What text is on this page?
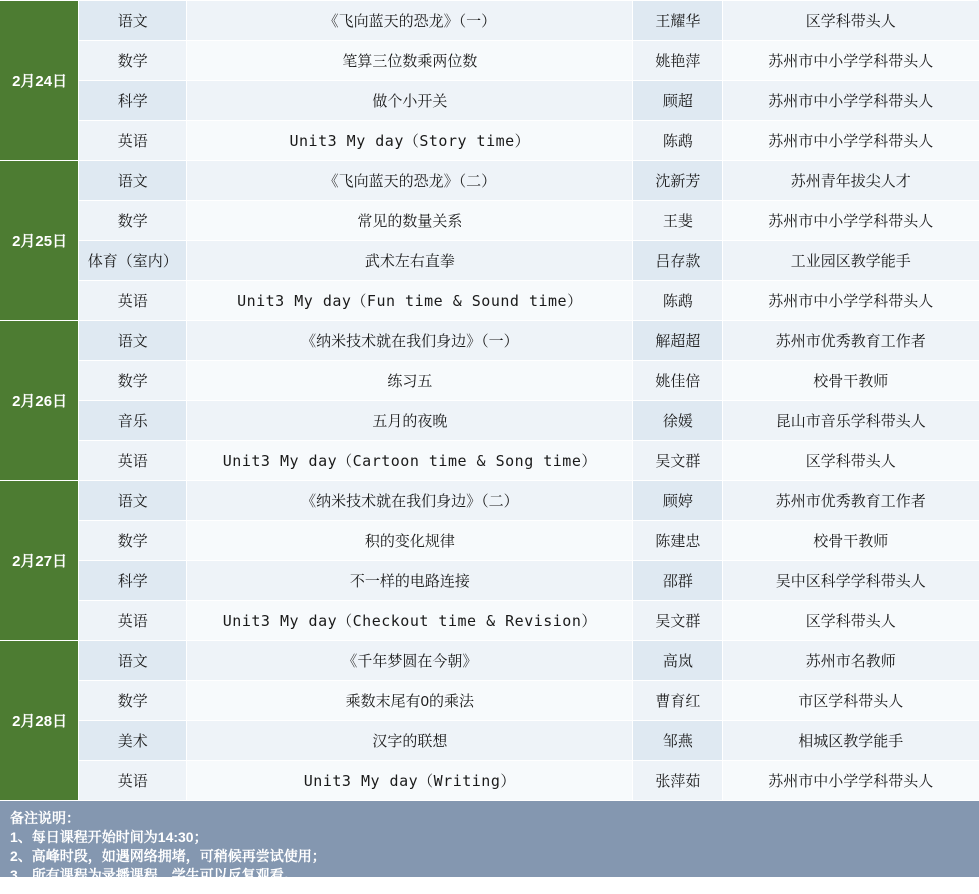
2月24日	语文	《飞向蓝天的恐龙》（一）	王耀华	区学科带头人
	数学	笔算三位数乘两位数	姚艳萍	苏州市中小学学科带头人
	科学	做个小开关	顾超	苏州市中小学学科带头人
	英语	Unit3 My day（Story time）	陈鹉	苏州市中小学学科带头人
2月25日	语文	《飞向蓝天的恐龙》（二）	沈新芳	苏州青年拔尖人才
	数学	常见的数量关系	王斐	苏州市中小学学科带头人
	体育（室内）	武术左右直拳	吕存款	工业园区教学能手
	英语	Unit3 My day（Fun time & Sound time）	陈鹉	苏州市中小学学科带头人
2月26日	语文	《纳米技术就在我们身边》（一）	解超超	苏州市优秀教育工作者
	数学	练习五	姚佳倍	校骨干教师
	音乐	五月的夜晚	徐媛	昆山市音乐学科带头人
	英语	Unit3 My day（Cartoon time & Song time）	吴文群	区学科带头人
2月27日	语文	《纳米技术就在我们身边》（二）	顾婷	苏州市优秀教育工作者
	数学	积的变化规律	陈建忠	校骨干教师
	科学	不一样的电路连接	邵群	吴中区科学学科带头人
	英语	Unit3 My day（Checkout time & Revision）	吴文群	区学科带头人
2月28日	语文	《千年梦圆在今朝》	高岚	苏州市名教师
	数学	乘数末尾有0的乘法	曹育红	市区学科带头人
	美术	汉字的联想	邹燕	相城区教学能手
	英语	Unit3 My day（Writing）	张萍茹	苏州市中小学学科带头人
备注说明：
1、每日课程开始时间为14:30；
2、高峰时段，如遇网络拥堵，可稍候再尝试使用；
3、所有课程为录播课程，学生可以反复观看。
